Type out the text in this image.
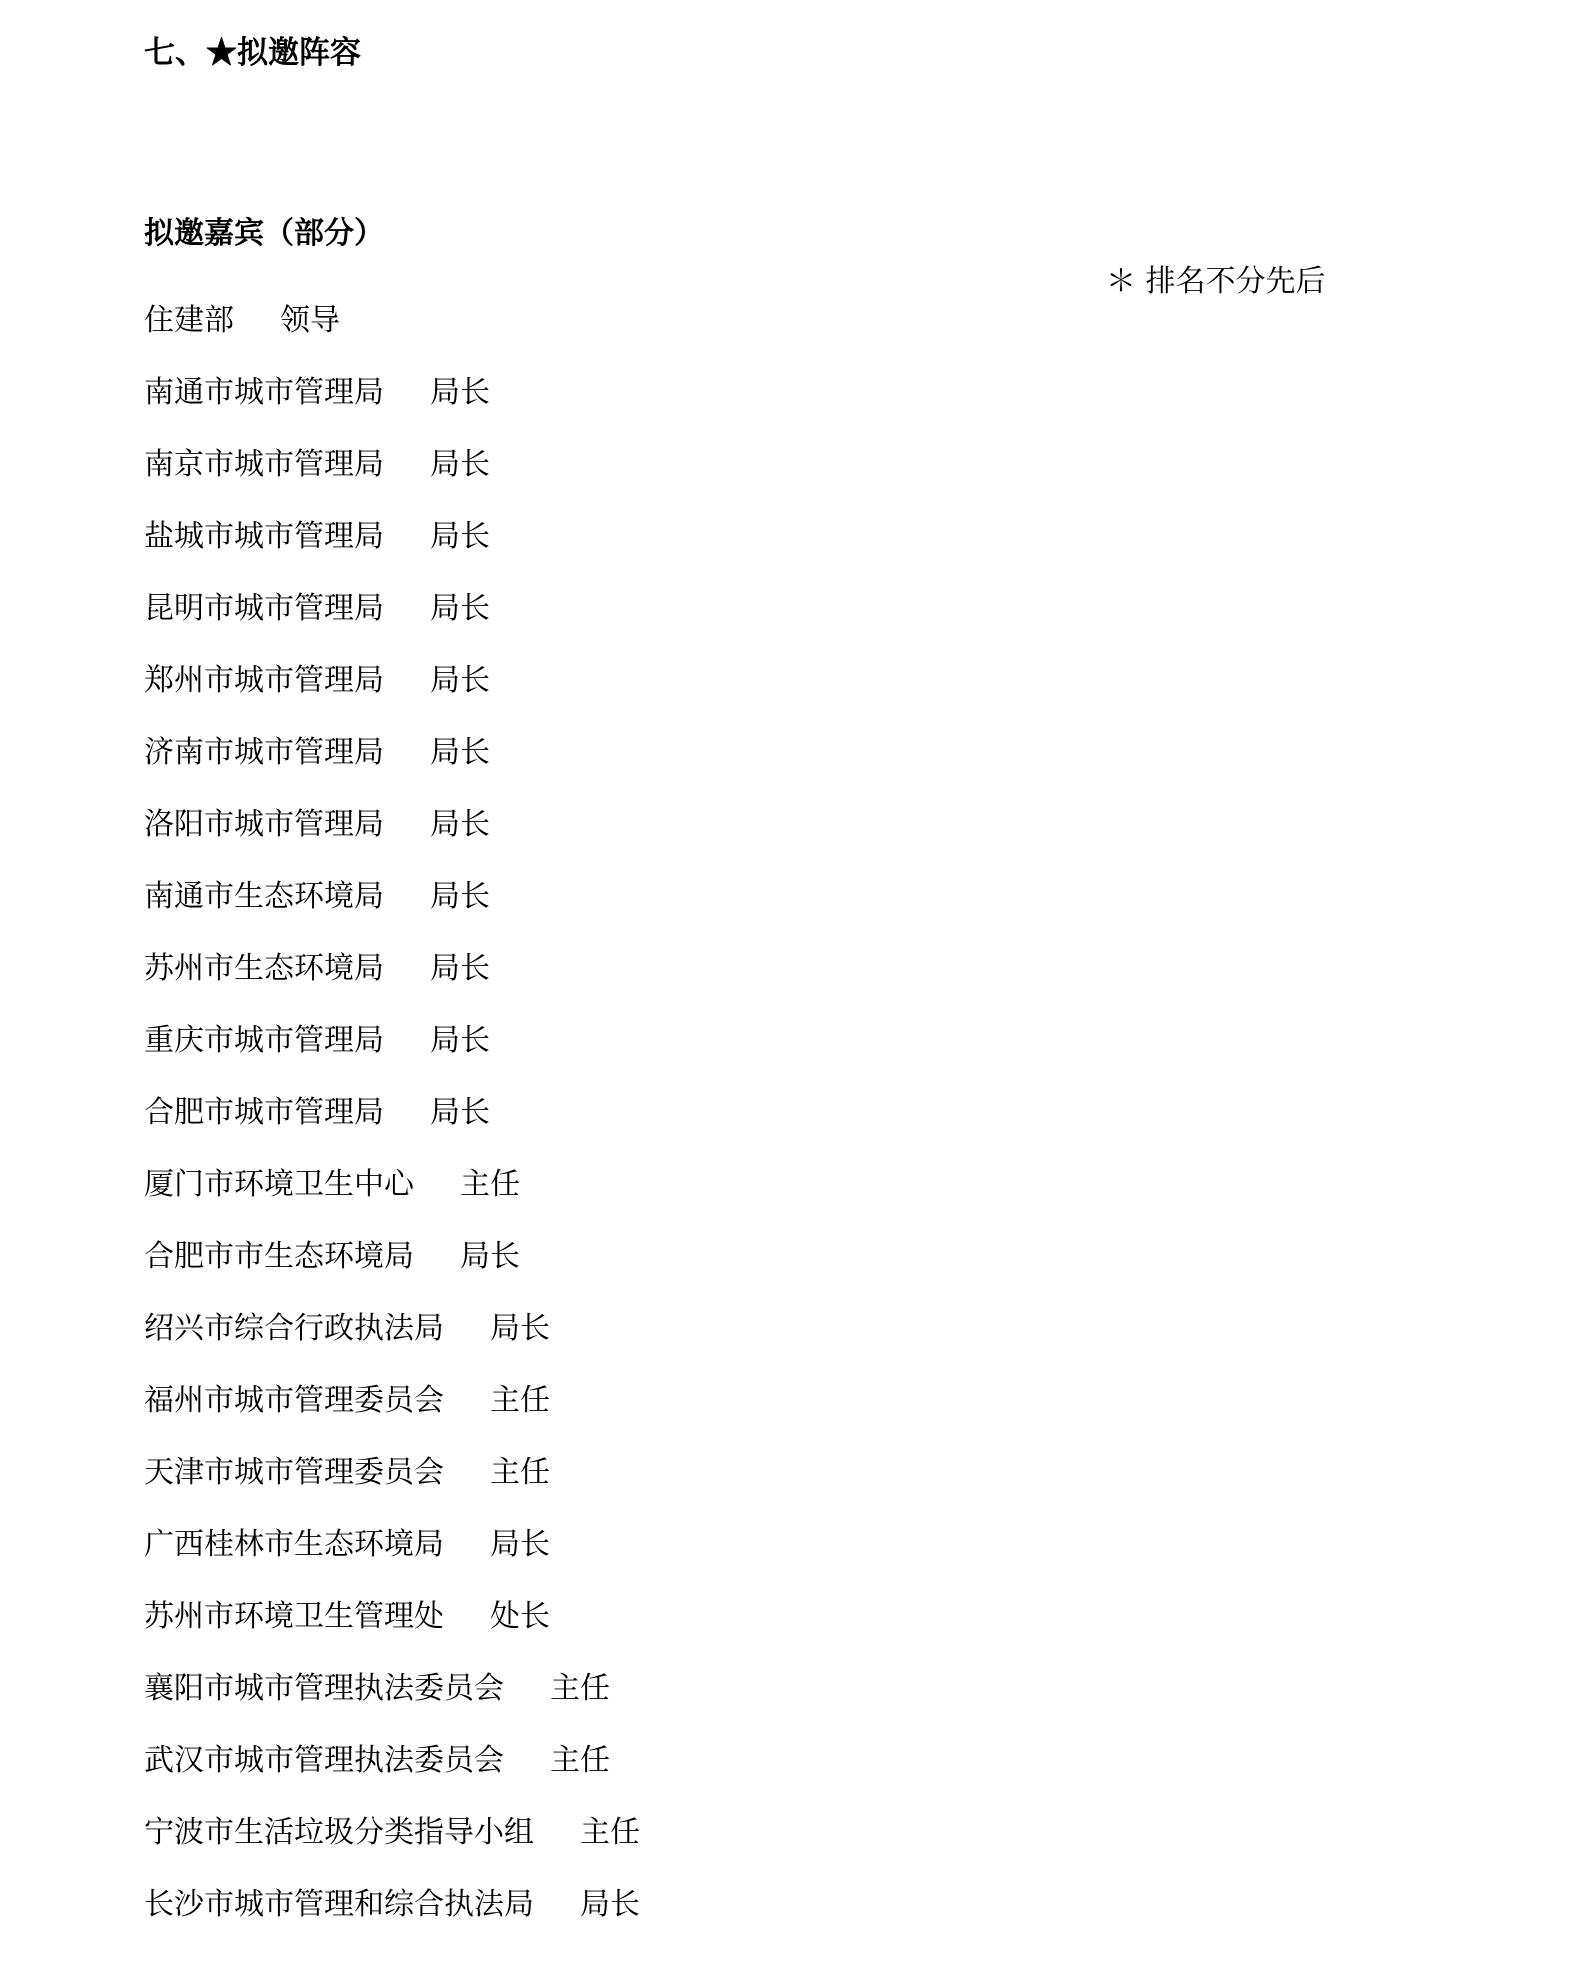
七、★拟邀阵容
拟邀嘉宾（部分）
＊ 排名不分先后
住建部 领导
南通市城市管理局 局长
南京市城市管理局 局长
盐城市城市管理局 局长
昆明市城市管理局 局长
郑州市城市管理局 局长
济南市城市管理局 局长
洛阳市城市管理局 局长
南通市生态环境局 局长
苏州市生态环境局 局长
重庆市城市管理局 局长
合肥市城市管理局 局长
厦门市环境卫生中心 主任
合肥市市生态环境局 局长
绍兴市综合行政执法局 局长
福州市城市管理委员会 主任
天津市城市管理委员会 主任
广西桂林市生态环境局 局长
苏州市环境卫生管理处 处长
襄阳市城市管理执法委员会 主任
武汉市城市管理执法委员会 主任
宁波市生活垃圾分类指导小组 主任
长沙市城市管理和综合执法局 局长
